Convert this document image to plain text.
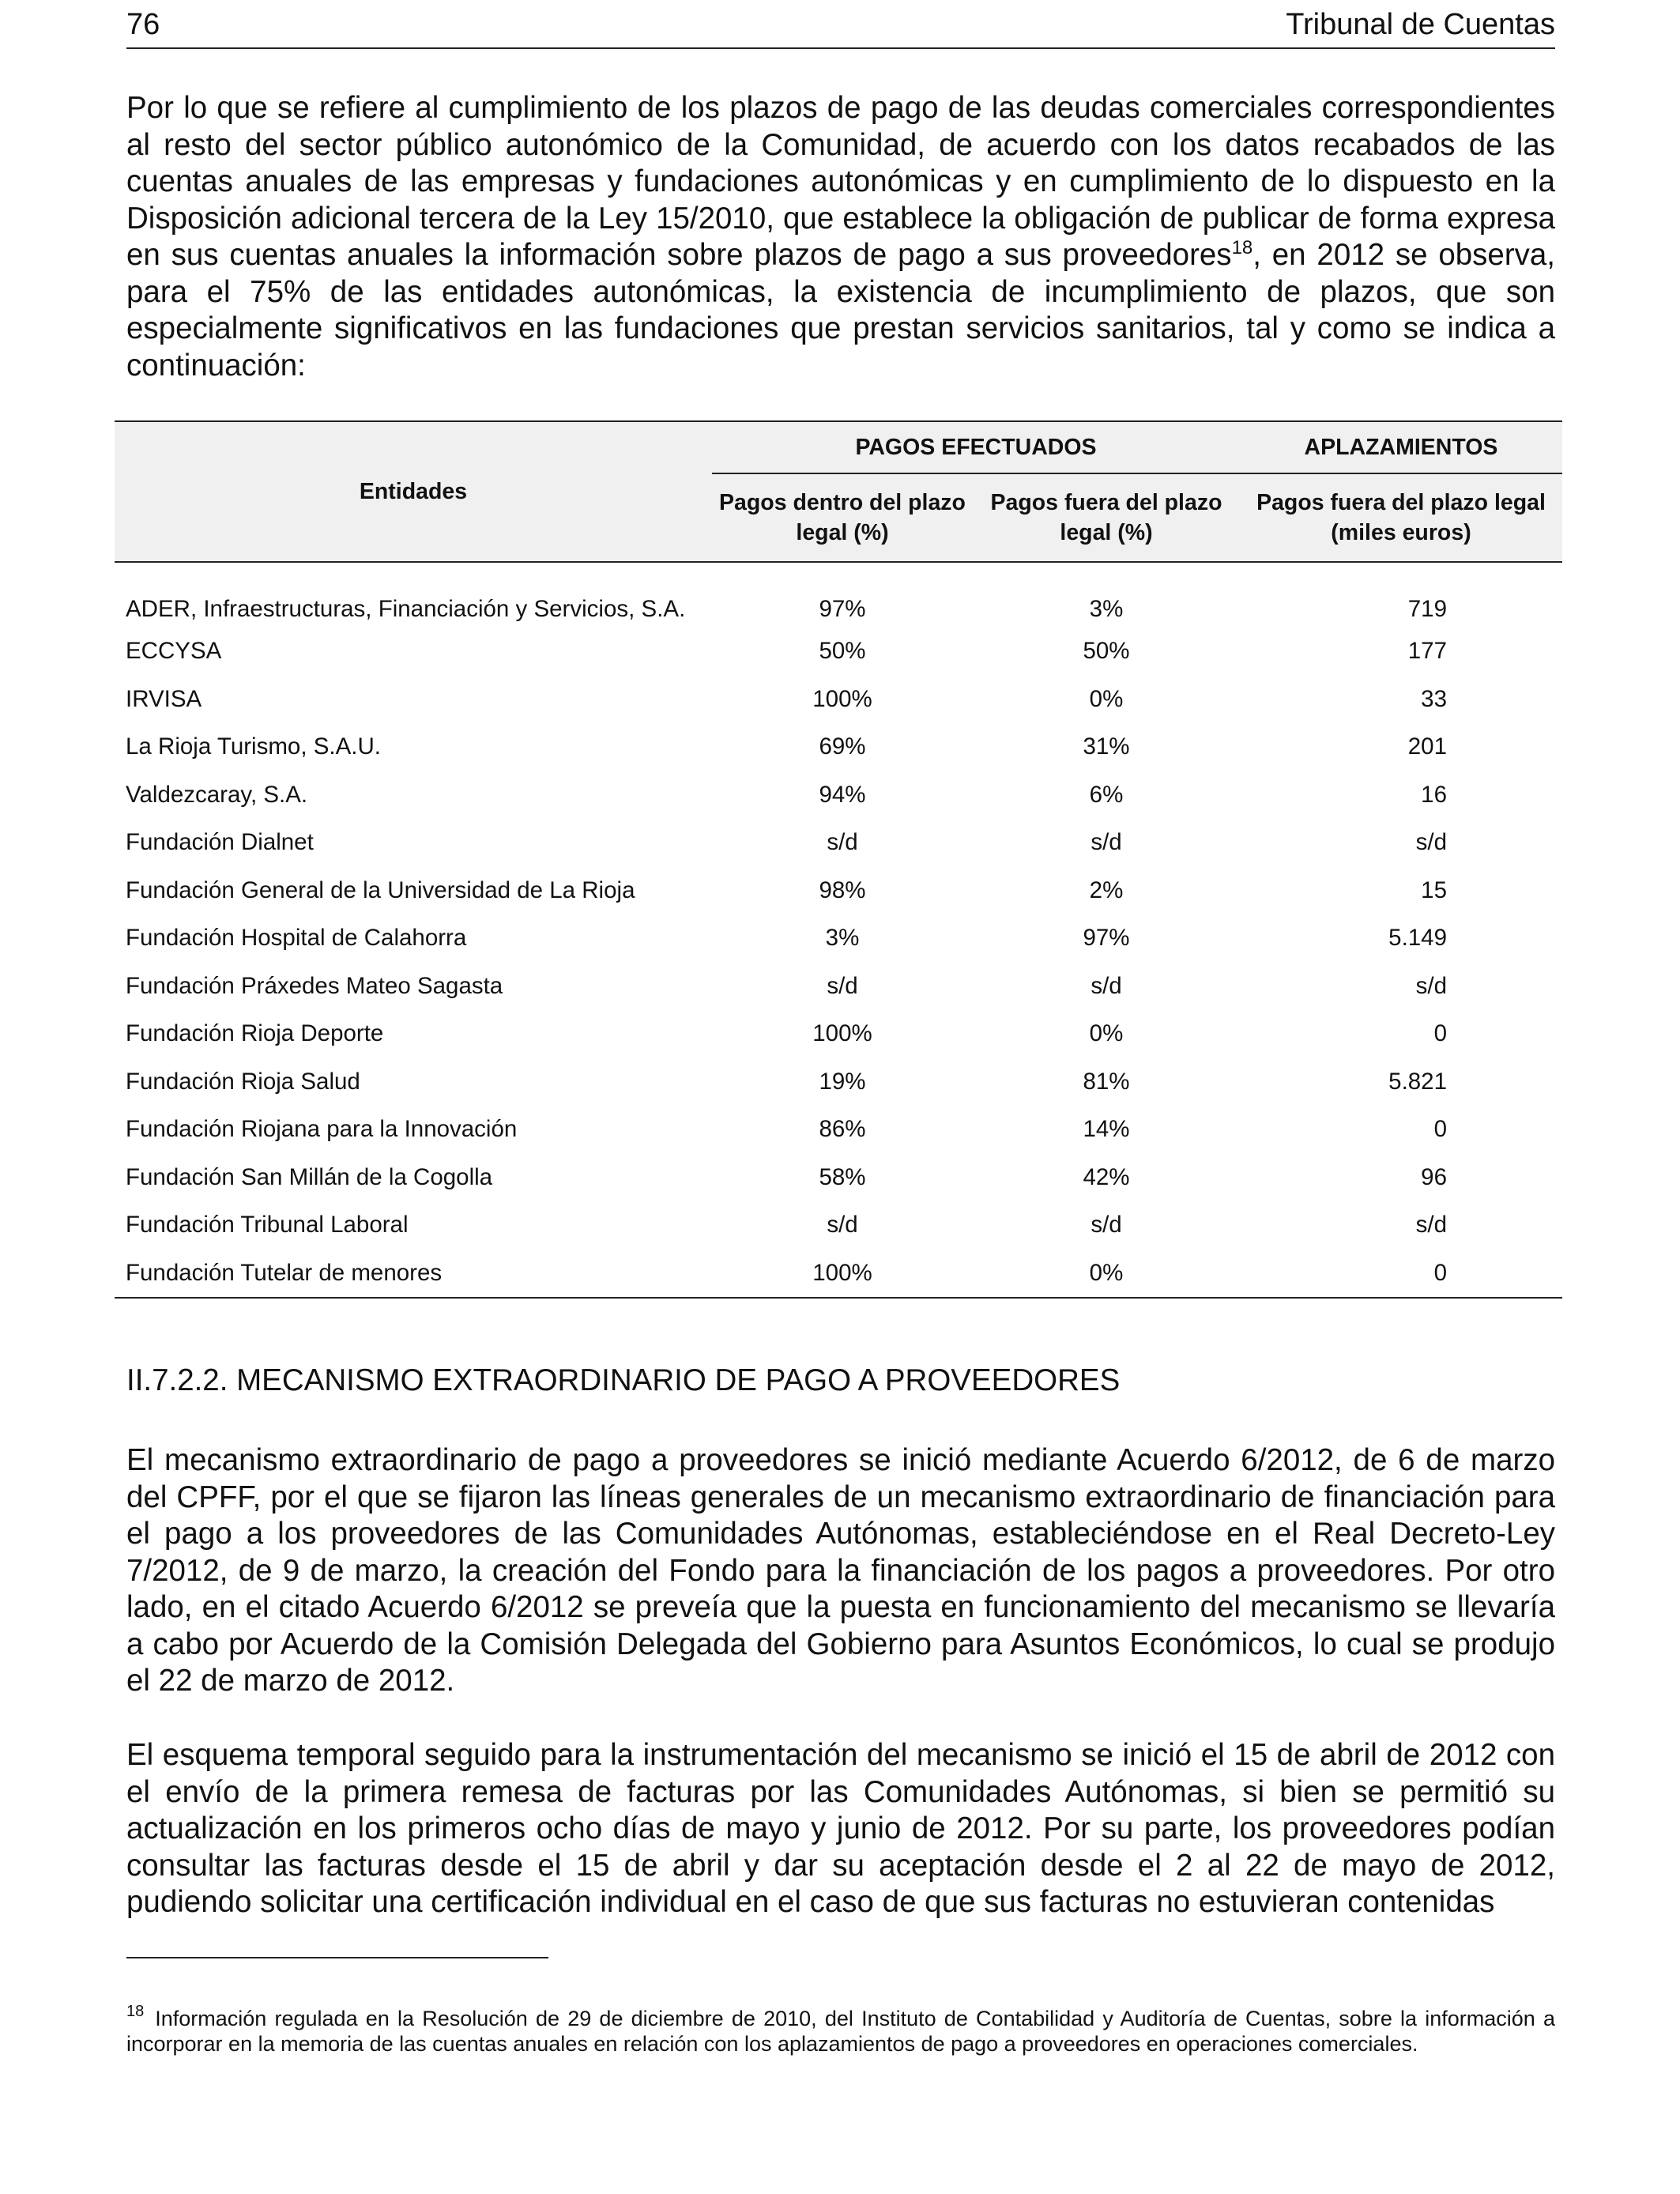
76	Tribunal de Cuentas

Por lo que se refiere al cumplimiento de los plazos de pago de las deudas comerciales correspondientes al resto del sector público autonómico de la Comunidad, de acuerdo con los datos recabados de las cuentas anuales de las empresas y fundaciones autonómicas y en cumplimiento de lo dispuesto en la Disposición adicional tercera de la Ley 15/2010, que establece la obligación de publicar de forma expresa en sus cuentas anuales la información sobre plazos de pago a sus proveedores$^{18}$, en 2012 se observa, para el 75% de las entidades autonómicas, la existencia de incumplimiento de plazos, que son especialmente significativos en las fundaciones que prestan servicios sanitarios, tal y como se indica a continuación:

Entidades	PAGOS EFECTUADOS		APLAZAMIENTOS
	Pagos dentro del plazo legal (%)	Pagos fuera del plazo legal (%)	Pagos fuera del plazo legal (miles euros)
ADER, Infraestructuras, Financiación y Servicios, S.A.	97%	3%	719
ECCYSA	50%	50%	177
IRVISA	100%	0%	33
La Rioja Turismo, S.A.U.	69%	31%	201
Valdezcaray, S.A.	94%	6%	16
Fundación Dialnet	s/d	s/d	s/d
Fundación General de la Universidad de La Rioja	98%	2%	15
Fundación Hospital de Calahorra	3%	97%	5.149
Fundación Práxedes Mateo Sagasta	s/d	s/d	s/d
Fundación Rioja Deporte	100%	0%	0
Fundación Rioja Salud	19%	81%	5.821
Fundación Riojana para la Innovación	86%	14%	0
Fundación San Millán de la Cogolla	58%	42%	96
Fundación Tribunal Laboral	s/d	s/d	s/d
Fundación Tutelar de menores	100%	0%	0
II.7.2.2. MECANISMO EXTRAORDINARIO DE PAGO A PROVEEDORES

El mecanismo extraordinario de pago a proveedores se inició mediante Acuerdo 6/2012, de 6 de marzo del CPFF, por el que se fijaron las líneas generales de un mecanismo extraordinario de financiación para el pago a los proveedores de las Comunidades Autónomas, estableciéndose en el Real Decreto-Ley 7/2012, de 9 de marzo, la creación del Fondo para la financiación de los pagos a proveedores. Por otro lado, en el citado Acuerdo 6/2012 se preveía que la puesta en funcionamiento del mecanismo se llevaría a cabo por Acuerdo de la Comisión Delegada del Gobierno para Asuntos Económicos, lo cual se produjo el 22 de marzo de 2012.

El esquema temporal seguido para la instrumentación del mecanismo se inició el 15 de abril de 2012 con el envío de la primera remesa de facturas por las Comunidades Autónomas, si bien se permitió su actualización en los primeros ocho días de mayo y junio de 2012. Por su parte, los proveedores podían consultar las facturas desde el 15 de abril y dar su aceptación desde el 2 al 22 de mayo de 2012, pudiendo solicitar una certificación individual en el caso de que sus facturas no estuvieran contenidas

$^{18}$ Información regulada en la Resolución de 29 de diciembre de 2010, del Instituto de Contabilidad y Auditoría de Cuentas, sobre la información a incorporar en la memoria de las cuentas anuales en relación con los aplazamientos de pago a proveedores en operaciones comerciales.
